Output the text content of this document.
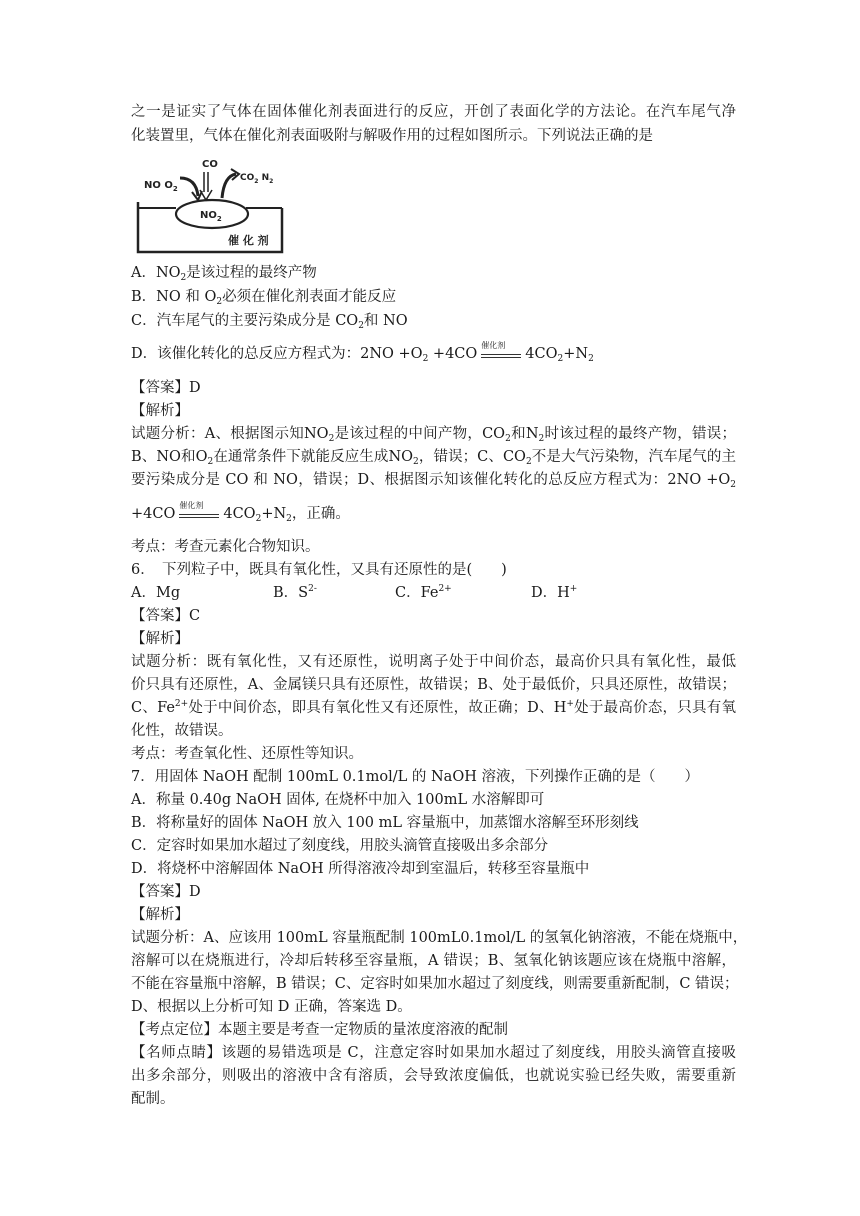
之一是证实了气体在固体催化剂表面进行的反应，开创了表面化学的方法论。在汽车尾气净
化装置里，气体在催化剂表面吸附与解吸作用的过程如图所示。下列说法正确的是
CO
NO $O_2$
$CO_2$ $N_2$
$NO_2$
催 化 剂
A．$NO_2$是该过程的最终产物
B．NO 和 $O_2$必须在催化剂表面才能反应
C．汽车尾气的主要污染成分是 $CO_2$和 NO
D．该催化转化的总反应方程式为：$2NO +O_2 +4CO$
催化剂
$4CO_2+N_2$
【答案】D
【解析】
试题分析：A、根据图示知$NO_2$是该过程的中间产物，$CO_2$和$N_2$时该过程的最终产物，错误；
B、NO和$O_2$在通常条件下就能反应生成$NO_2$，错误；C、$CO_2$不是大气污染物，汽车尾气的主
要污染成分是 CO 和 NO，错误；D、根据图示知该催化转化的总反应方程式为：$2NO +O_2$
+4CO
催化剂
$4CO_2+N_2$，正确。
考点：考查元素化合物知识。
6．　下列粒子中，既具有氧化性，又具有还原性的是(　　)
A．Mg	B．$S^{2-}$	C．$Fe^{2+}$	D．H+
【答案】C
【解析】
试题分析：既有氧化性，又有还原性，说明离子处于中间价态，最高价只具有氧化性，最低
价只具有还原性，A、金属镁只具有还原性，故错误；B、处于最低价，只具还原性，故错误；
C、$Fe^{2+}$处于中间价态，即具有氧化性又有还原性，故正确；D、H+处于最高价态，只具有氧
化性，故错误。
考点：考查氧化性、还原性等知识。
7．用固体 NaOH 配制 100mL 0.1mol/L 的 NaOH 溶液，下列操作正确的是（　　）
A．称量 0.40g NaOH 固体, 在烧杯中加入 100mL 水溶解即可
B．将称量好的固体 NaOH 放入 100 mL 容量瓶中，加蒸馏水溶解至环形刻线
C．定容时如果加水超过了刻度线，用胶头滴管直接吸出多余部分
D．将烧杯中溶解固体 NaOH 所得溶液冷却到室温后，转移至容量瓶中
【答案】D
【解析】
试题分析：A、应该用 100mL 容量瓶配制 100mL0.1mol/L 的氢氧化钠溶液，不能在烧瓶中，
溶解可以在烧瓶进行，冷却后转移至容量瓶，A 错误；B、氢氧化钠该题应该在烧瓶中溶解，
不能在容量瓶中溶解，B 错误；C、定容时如果加水超过了刻度线，则需要重新配制，C 错误；
D、根据以上分析可知 D 正确，答案选 D。
【考点定位】本题主要是考查一定物质的量浓度溶液的配制
【名师点睛】该题的易错选项是 C，注意定容时如果加水超过了刻度线，用胶头滴管直接吸
出多余部分，则吸出的溶液中含有溶质，会导致浓度偏低，也就说实验已经失败，需要重新
配制。
